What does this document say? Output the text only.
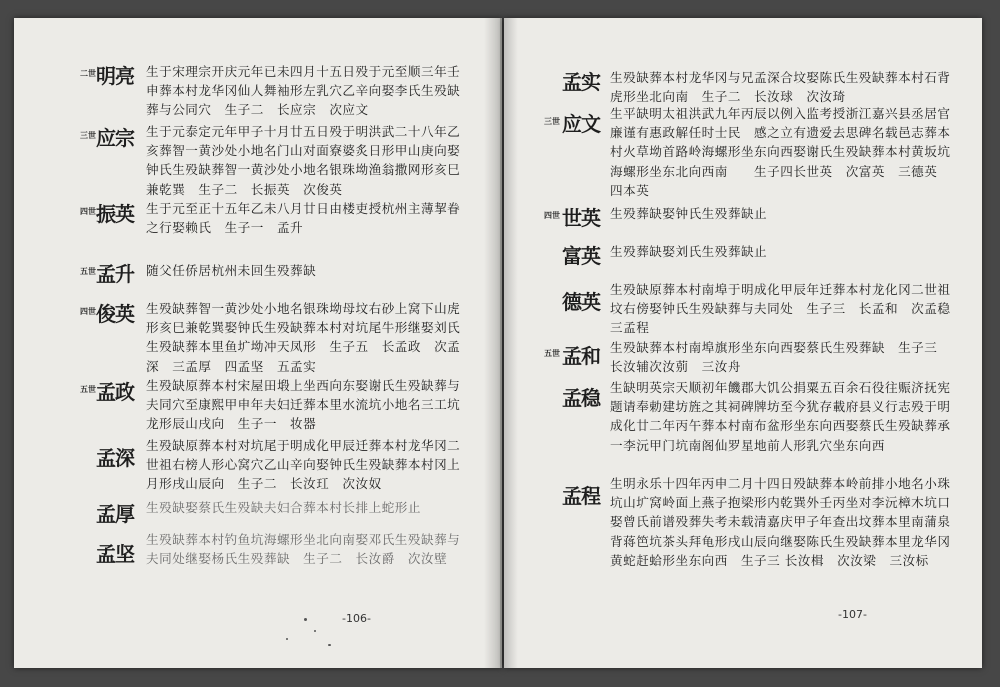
二世 明亮 生于宋理宗开庆元年已未四月十五日殁于元至顺三年壬申葬本村龙华冈仙人舞袖形左乳穴乙辛向娶李氏生殁缺葬与公同穴　生子二　长应宗　次应文
三世 应宗 生于元泰定元年甲子十月廿五日殁于明洪武二十八年乙亥葬智一黄沙处小地名门山对面寮婆炙日形甲山庚向娶钟氏生殁缺葬智一黄沙处小地名银珠坳渔翁撒网形亥巳兼乾巽　生子二　长振英　次俊英
四世 振英 生于元至正十五年乙未八月廿日由楼吏授杭州主薄挈眷之行娶赖氏　生子一　孟升
五世 孟升 随父任侨居杭州未回生殁葬缺
四世 俊英 生殁缺葬智一黄沙处小地名银珠坳母坟右砂上窝下山虎形亥巳兼乾巽娶钟氏生殁缺葬本村对坑尾牛形继娶刘氏生殁缺葬本里鱼圹坳冲天凤形　生子五　长孟政　次孟深　三孟厚　四孟坚　五孟实
五世 孟政 生殁缺原葬本村宋屋田塅上坐西向东娶谢氏生殁缺葬与夫同穴至康熙甲申年夫妇迁葬本里水流坑小地名三工坑龙形辰山戌向　生子一　妆器
孟深
生殁缺原葬本村对坑尾于明成化甲辰迁葬本村龙华冈二世祖右榜人形心窝穴乙山辛向娶钟氏生殁缺葬本村冈上月形戌山辰向　生子二　长汝玒　次汝奴
孟厚 生殁缺娶蔡氏生殁缺夫妇合葬本村长排上蛇形止
孟坚
生殁缺葬本村钓鱼坑海螺形坐北向南娶邓氏生殁缺葬与夫同处继娶杨氏生殁葬缺　生子二　长汝爵　次汝壁
-106-
孟实 生殁缺葬本村龙华冈与兄孟深合坟娶陈氏生殁缺葬本村石背虎形坐北向南　生子二　长汝球　次汝琦
三世 应文 生平缺明太祖洪武九年丙辰以例入监考授浙江嘉兴县丞居官廉谨有惠政解任时士民　感之立有遗爱去思碑名载邑志葬本村火草坳首路岭海螺形坐东向西娶谢氏生殁缺葬本村黄坂坑海螺形坐东北向西南　　生子四长世英　次富英　三德英　四本英
四世 世英 生殁葬缺娶钟氏生殁葬缺止
富英 生殁葬缺娶刘氏生殁葬缺止
德英
生殁缺原葬本村南埠于明成化甲辰年迁葬本村龙化冈二世祖坟右傍娶钟氏生殁缺葬与夫同处　生子三　长孟和　次孟稳　三孟程
五世 孟和 生殁缺葬本村南埠旗形坐东向西娶蔡氏生殁葬缺　生子三　长汝辅次汝莂　三汝舟
孟稳 生缺明英宗天顺初年饑郡大饥公捐粟五百余石役往赈济抚宪题请奉勅建坊旌之其祠碑牌坊至今犹存載府县义行志殁于明成化廿二年丙午葬本村南布盆形坐东向西娶蔡氏生殁缺葬承一李沅甲门坑南阁仙罗星地前人形乳穴坐东向西
孟程
生明永乐十四年丙申二月十四日殁缺葬本岭前排小地名小珠坑山圹窝岭面上燕子抱梁形内乾巽外壬丙坐对李沅樟木坑口娶曾氏前谱殁葬失考未载清嘉庆甲子年查出坟葬本里南蒲泉背蒋笆坑茶头拜龟形戌山辰向继娶陈氏生殁缺葬本里龙华冈黄蛇赶蛤形坐东向西　生子三 长汝楫　次汝梁　三汝标
-107-
